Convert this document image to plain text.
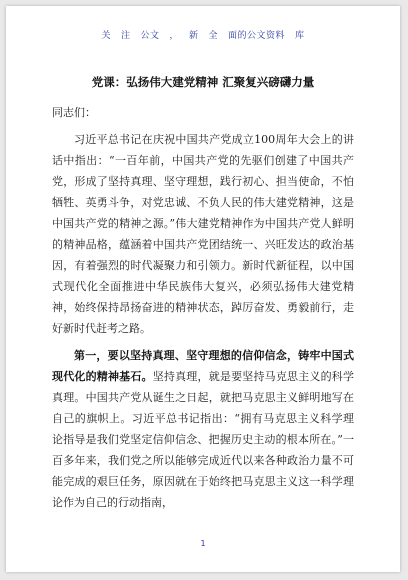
关 注 公文 ， 新 全 面的公文资料 库
党课：弘扬伟大建党精神 汇聚复兴磅礴力量

同志们：

习近平总书记在庆祝中国共产党成立100周年大会上的讲话中指出：“一百年前，中国共产党的先驱们创建了中国共产党，形成了坚持真理、坚守理想，践行初心、担当使命，不怕牺牲、英勇斗争，对党忠诚、不负人民的伟大建党精神，这是中国共产党的精神之源。”伟大建党精神作为中国共产党人鲜明的精神品格，蕴涵着中国共产党团结统一、兴旺发达的政治基因，有着强烈的时代凝聚力和引领力。新时代新征程，以中国式现代化全面推进中华民族伟大复兴，必须弘扬伟大建党精神，始终保持昂扬奋进的精神状态，踔厉奋发、勇毅前行，走好新时代赶考之路。

第一，要以坚持真理、坚守理想的信仰信念，铸牢中国式现代化的精神基石。坚持真理，就是要坚持马克思主义的科学真理。中国共产党从诞生之日起，就把马克思主义鲜明地写在自己的旗帜上。习近平总书记指出：“拥有马克思主义科学理论指导是我们党坚定信仰信念、把握历史主动的根本所在。”一百多年来，我们党之所以能够完成近代以来各种政治力量不可能完成的艰巨任务，原因就在于始终把马克思主义这一科学理论作为自己的行动指南，

1
